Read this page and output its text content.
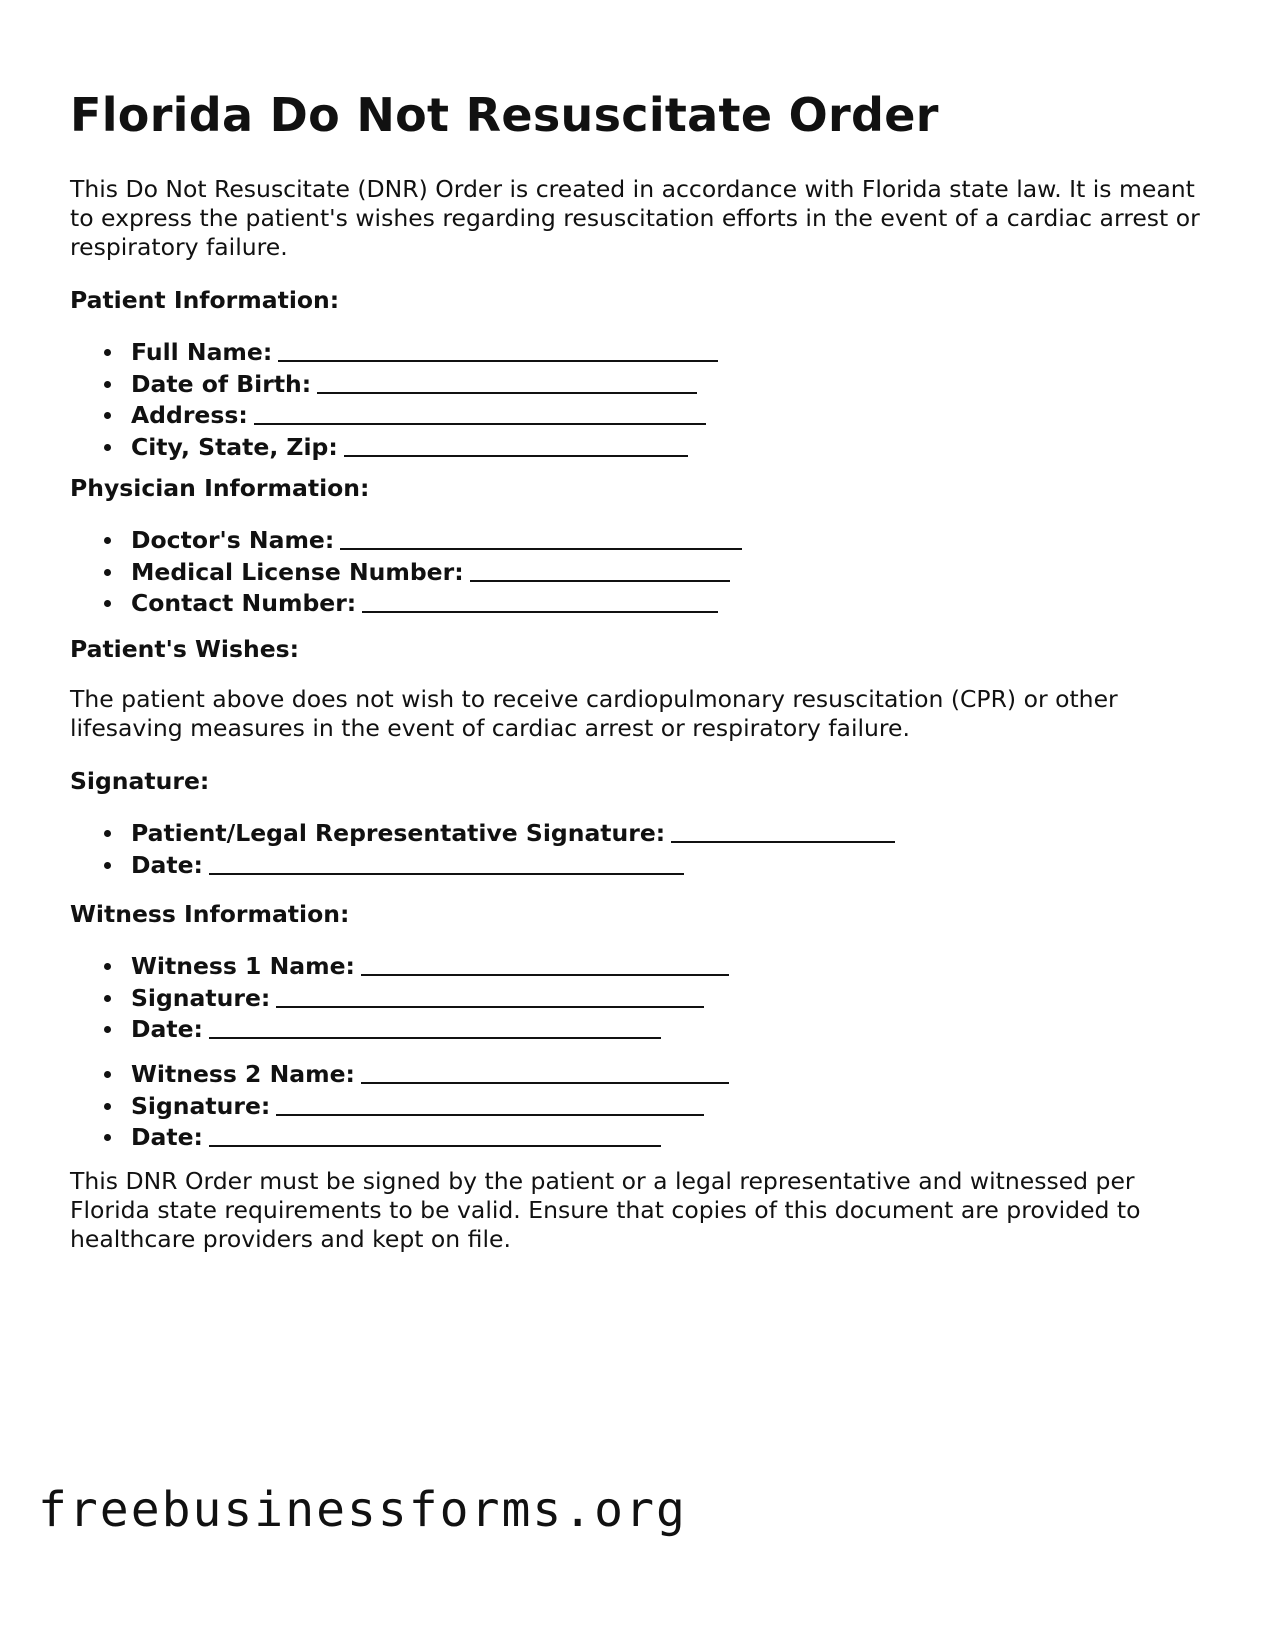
Florida Do Not Resuscitate Order

This Do Not Resuscitate (DNR) Order is created in accordance with Florida state law. It is meant to express the patient's wishes regarding resuscitation efforts in the event of a cardiac arrest or respiratory failure.

Patient Information:
Full Name:
Date of Birth:
Address:
City, State, Zip:
Physician Information:
Doctor's Name:
Medical License Number:
Contact Number:
Patient's Wishes:

The patient above does not wish to receive cardiopulmonary resuscitation (CPR) or other lifesaving measures in the event of cardiac arrest or respiratory failure.

Signature:
Patient/Legal Representative Signature:
Date:
Witness Information:
Witness 1 Name:
Signature:
Date:
Witness 2 Name:
Signature:
Date:

This DNR Order must be signed by the patient or a legal representative and witnessed per Florida state requirements to be valid. Ensure that copies of this document are provided to healthcare providers and kept on file.

freebusinessforms.org
